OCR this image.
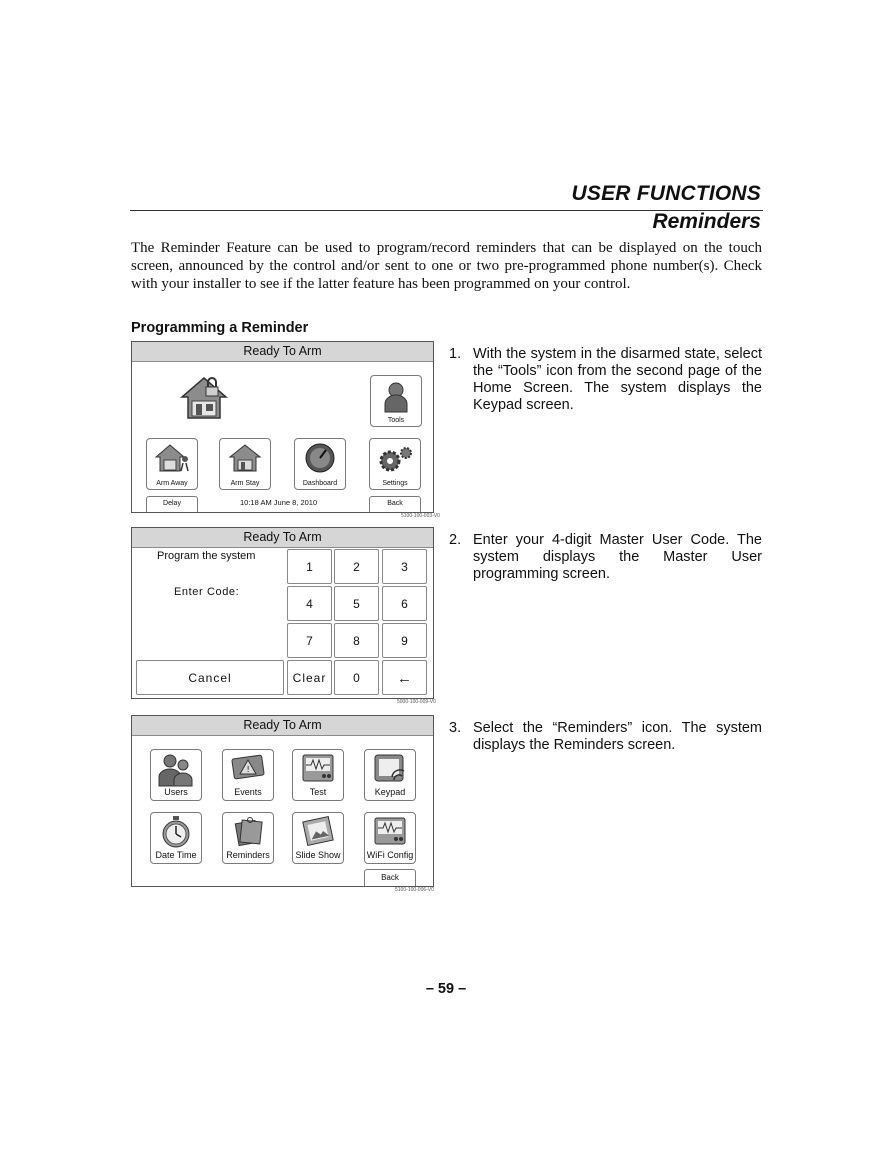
USER FUNCTIONS
Reminders
The Reminder Feature can be used to program/record reminders that can be displayed on the touch screen, announced by the control and/or sent to one or two pre-programmed phone number(s). Check with your installer to see if the latter feature has been programmed on your control.
Programming a Reminder
1. With the system in the disarmed state, select the “Tools” icon from the second page of the Home Screen. The system displays the Keypad screen.
2. Enter your 4-digit Master User Code. The system displays the Master User programming screen.
3. Select the “Reminders” icon. The system displays the Reminders screen.
Ready To Arm
Tools
Arm Away	Arm Stay	Dashboard	Settings
Delay	10:18 AM June 8, 2010	Back
5100-100-003-V0
Ready To Arm
Program the system
Enter Code:
1	2	3
4	5	6
7	8	9
Cancel	Clear	0	←
5000-100-009-V0
Ready To Arm
Users
!
Events	Test	Keypad
Date Time	Reminders	Slide Show	WiFi Config
Back
5100-100-006-V0
– 59 –
